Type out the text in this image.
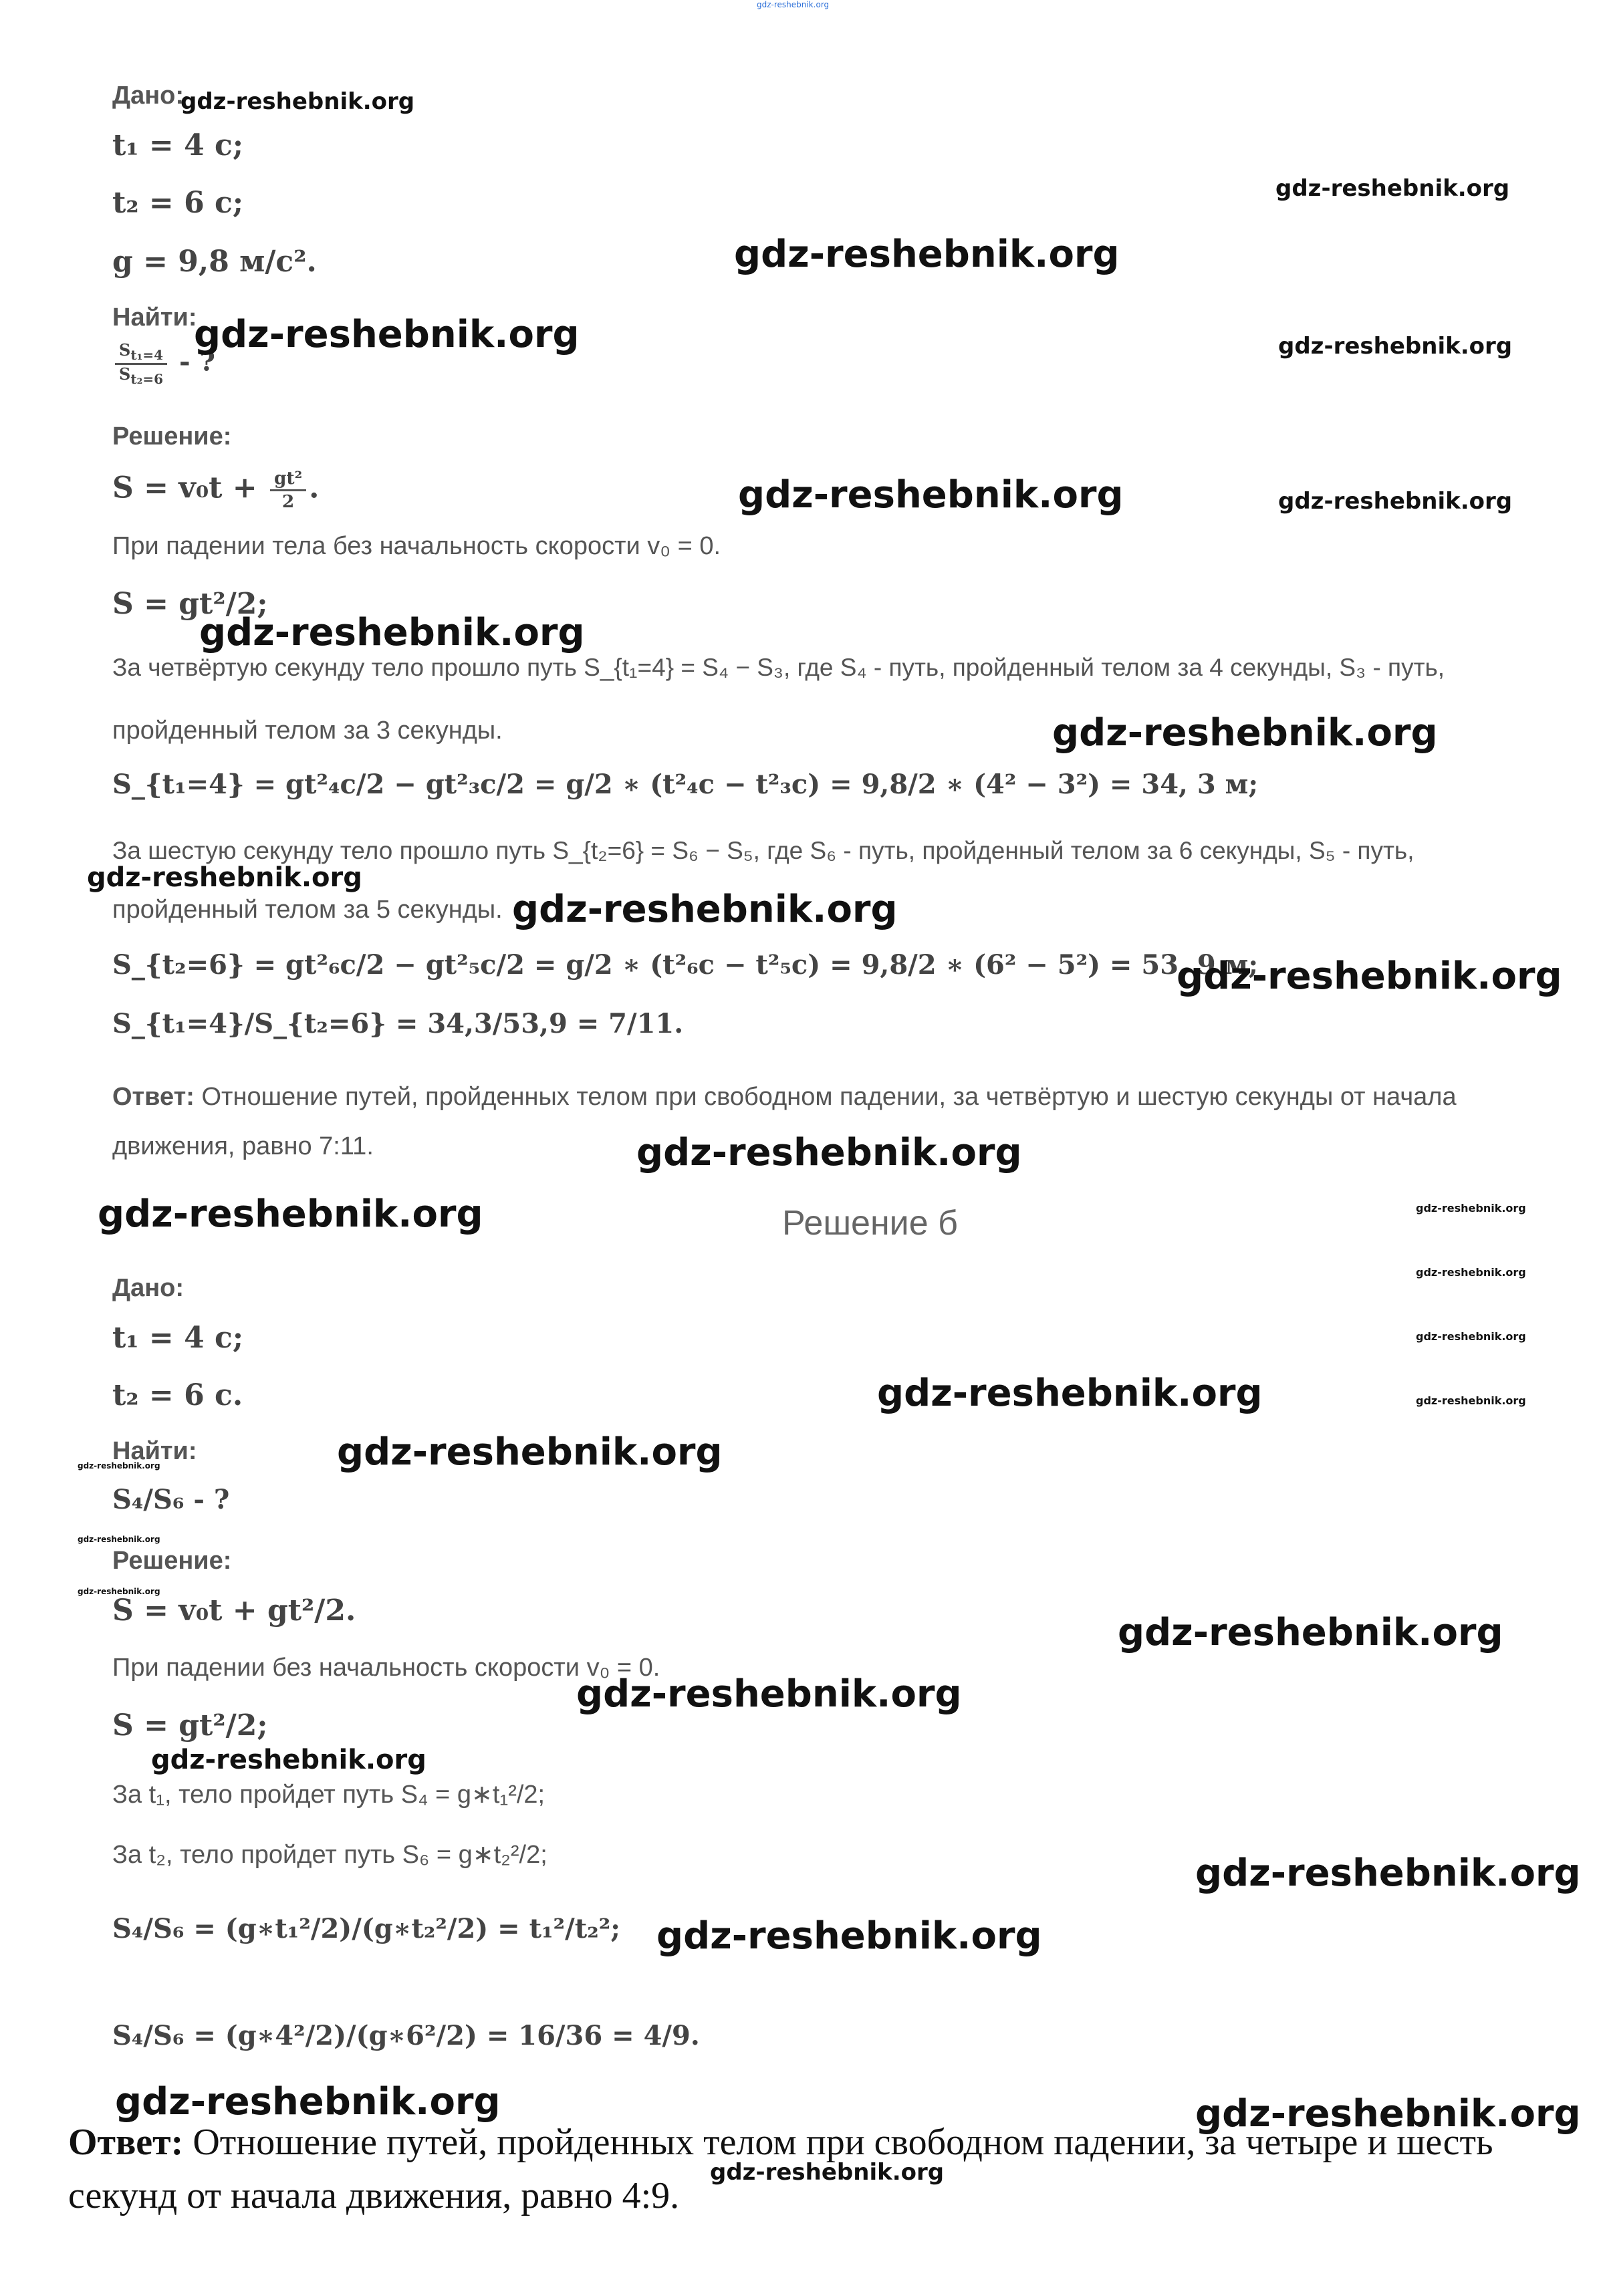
gdz-reshebnik.org
Дано:
t₁ = 4 с;
t₂ = 6 с;
g = 9,8 м/с².
Найти:
$\frac{S_{t_1=4}}{S_{t_2=6}}$ - ?
Решение:
$S = v_0t + \frac{\text{gt²}}{2}$ .
При падении тела без начальность скорости v₀ = 0.
S = gt²/2;
За четвёртую секунду тело прошло путь S_{t₁=4} = S₄ − S₃, где S₄ - путь, пройденный телом за 4 секунды, S₃ - путь,
пройденный телом за 3 секунды.
S_{t₁=4} = gt²₄c/2 − gt²₃c/2 = g/2 ∗ (t²₄c − t²₃c) = 9,8/2 ∗ (4² − 3²) = 34, 3 м;
За шестую секунду тело прошло путь S_{t₂=6} = S₆ − S₅, где S₆ - путь, пройденный телом за 6 секунды, S₅ - путь,
пройденный телом за 5 секунды.
S_{t₂=6} = gt²₆c/2 − gt²₅c/2 = g/2 ∗ (t²₆c − t²₅c) = 9,8/2 ∗ (6² − 5²) = 53, 9 м;
S_{t₁=4}/S_{t₂=6} = 34,3/53,9 = 7/11.
Ответ: Отношение путей, пройденных телом при свободном падении, за четвёртую и шестую секунды от начала
движения, равно 7:11.
Решение б
Дано:
t₁ = 4 с;
t₂ = 6 с.
Найти:
S₄/S₆ - ?
Решение:
S = v₀t + gt²/2.
При падении без начальность скорости v₀ = 0.
S = gt²/2;
За t₁, тело пройдет путь S₄ = g∗t₁²/2;
За t₂, тело пройдет путь S₆ = g∗t₂²/2;
S₄/S₆ = (g∗t₁²/2)/(g∗t₂²/2) = t₁²/t₂²;
S₄/S₆ = (g∗4²/2)/(g∗6²/2) = 16/36 = 4/9.
Ответ: Отношение путей, пройденных телом при свободном падении, за четыре и шесть секунд от начала движения, равно 4:9.
gdz-reshebnik.org
gdz-reshebnik.org
gdz-reshebnik.org
gdz-reshebnik.org	gdz-reshebnik.org
gdz-reshebnik.org	gdz-reshebnik.org
gdz-reshebnik.org
gdz-reshebnik.org
gdz-reshebnik.org
gdz-reshebnik.org
gdz-reshebnik.org
gdz-reshebnik.org
gdz-reshebnik.org	gdz-reshebnik.org
gdz-reshebnik.org
gdz-reshebnik.org
gdz-reshebnik.org
gdz-reshebnik.org
gdz-reshebnik.org
gdz-reshebnik.org
gdz-reshebnik.org
gdz-reshebnik.org
gdz-reshebnik.org
gdz-reshebnik.org
gdz-reshebnik.org
gdz-reshebnik.org
gdz-reshebnik.org
gdz-reshebnik.org	gdz-reshebnik.org
gdz-reshebnik.org
